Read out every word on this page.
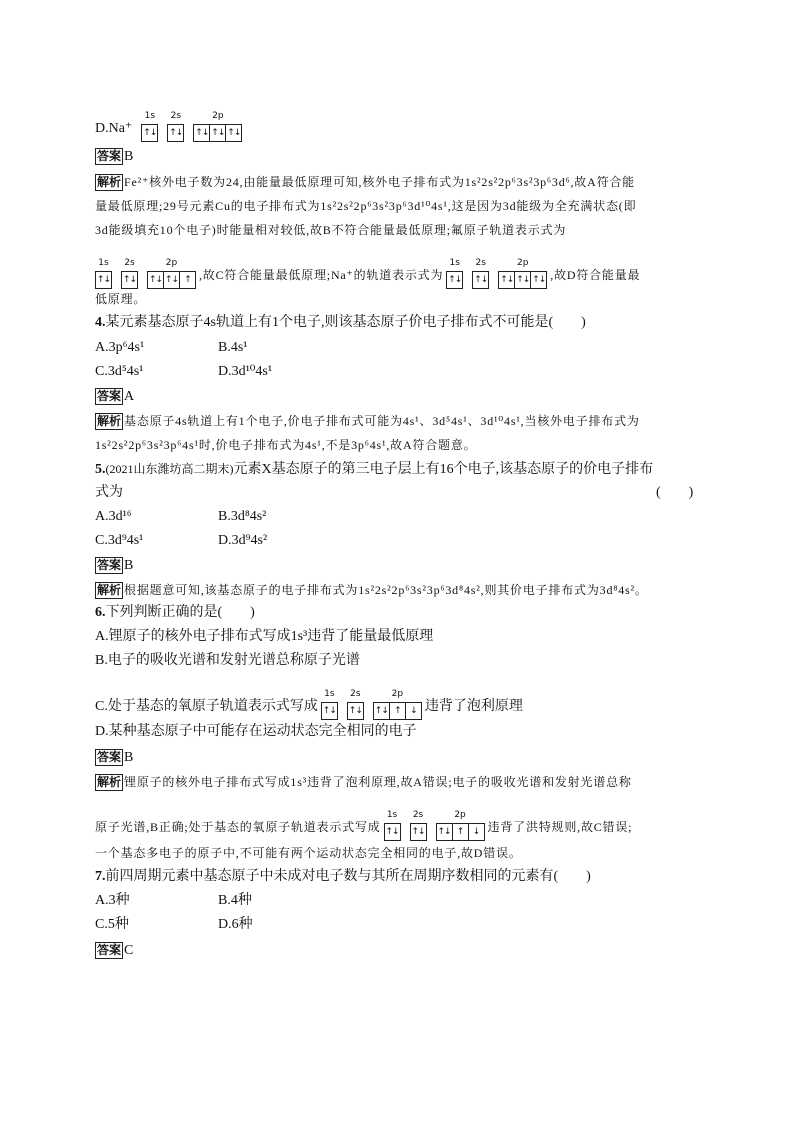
D.Na⁺
1s
↑↓
2s
↑↓
2p
↑↓ ↑↓ ↑↓
答案 B
解析 Fe²⁺核外电子数为24,由能量最低原理可知,核外电子排布式为1s²2s²2p⁶3s²3p⁶3d⁶,故A符合能
量最低原理;29号元素Cu的电子排布式为1s²2s²2p⁶3s²3p⁶3d¹⁰4s¹,这是因为3d能级为全充满状态(即
3d能级填充10个电子)时能量相对较低,故B不符合能量最低原理;氟原子轨道表示式为
1s
↑↓
2s
↑↓
2p
↑↓ ↑↓ ↑ ,故C符合能量最低原理;Na⁺的轨道表示式为
1s
↑↓
2s
↑↓
2p
↑↓ ↑↓ ↑↓ ,故D符合能量最
低原理。
4.某元素基态原子4s轨道上有1个电子,则该基态原子价电子排布式不可能是(　　)
A.3p⁶4s¹	B.4s¹
C.3d⁵4s¹	D.3d¹⁰4s¹
答案 A
解析 基态原子4s轨道上有1个电子,价电子排布式可能为4s¹、3d⁵4s¹、3d¹⁰4s¹,当核外电子排布式为
1s²2s²2p⁶3s²3p⁶4s¹时,价电子排布式为4s¹,不是3p⁶4s¹,故A符合题意。
5.(2021山东潍坊高二期末)元素X基态原子的第三电子层上有16个电子,该基态原子的价电子排布
式为	(　　)
A.3d¹⁶	B.3d⁸4s²
C.3d⁹4s¹	D.3d⁹4s²
答案 B
解析 根据题意可知,该基态原子的电子排布式为1s²2s²2p⁶3s²3p⁶3d⁸4s²,则其价电子排布式为3d⁸4s²。
6.下列判断正确的是(　　)
A.锂原子的核外电子排布式写成1s³违背了能量最低原理
B.电子的吸收光谱和发射光谱总称原子光谱
C.处于基态的氧原子轨道表示式写成
1s
↑↓
2s
↑↓
2p
↑↓ ↑ ↓ 违背了泡利原理
D.某种基态原子中可能存在运动状态完全相同的电子
答案 B
解析 锂原子的核外电子排布式写成1s³违背了泡利原理,故A错误;电子的吸收光谱和发射光谱总称
原子光谱,B正确;处于基态的氧原子轨道表示式写成
1s
↑↓
2s
↑↓
2p
↑↓ ↑ ↓ 违背了洪特规则,故C错误;
一个基态多电子的原子中,不可能有两个运动状态完全相同的电子,故D错误。
7.前四周期元素中基态原子中未成对电子数与其所在周期序数相同的元素有(　　)
A.3种	B.4种
C.5种	D.6种
答案 C
